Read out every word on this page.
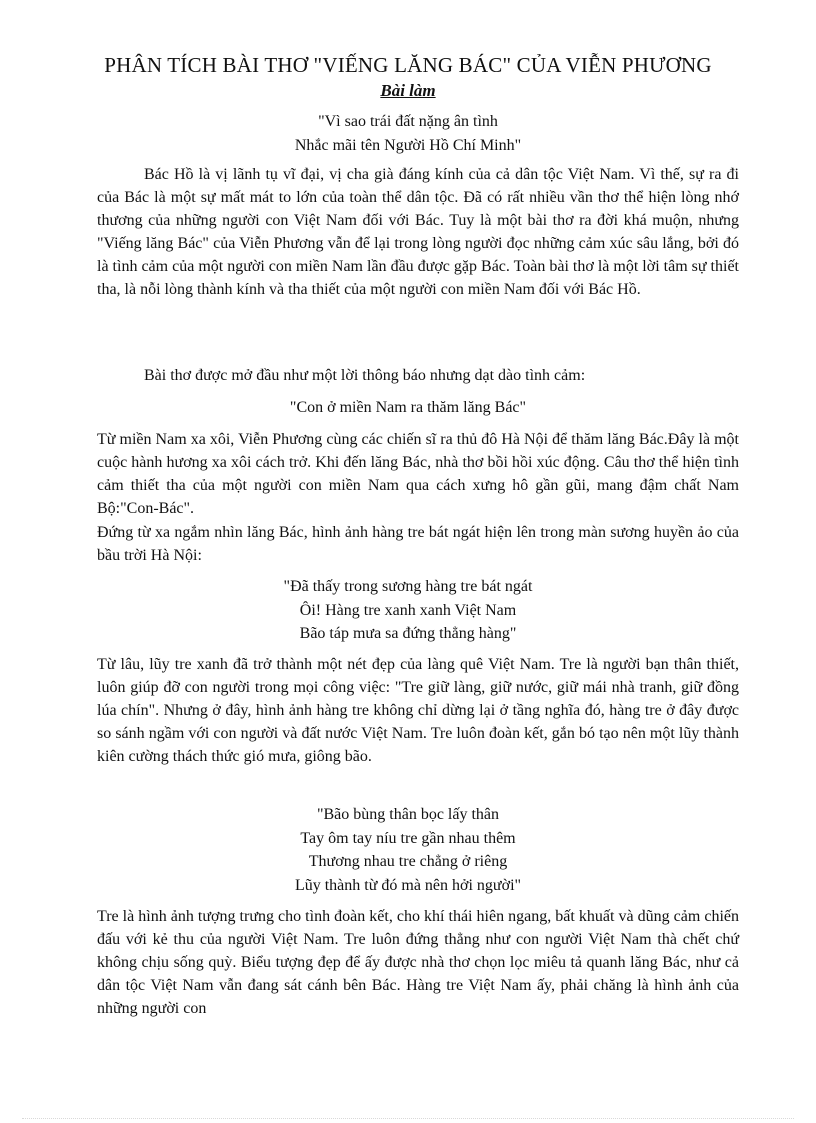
PHÂN TÍCH BÀI THƠ "VIẾNG LĂNG BÁC" CỦA VIỄN PHƯƠNG
Bài làm
"Vì sao trái đất nặng ân tình
Nhắc mãi tên Người Hồ Chí Minh"

Bác Hồ là vị lãnh tụ vĩ đại, vị cha già đáng kính của cả dân tộc Việt Nam. Vì thế, sự ra đi của Bác là một sự mất mát to lớn của toàn thể dân tộc. Đã có rất nhiều vần thơ thể hiện lòng nhớ thương của những người con Việt Nam đối với Bác. Tuy là một bài thơ ra đời khá muộn, nhưng "Viếng lăng Bác" của Viễn Phương vẫn để lại trong lòng người đọc những cảm xúc sâu lắng, bởi đó là tình cảm của một người con miền Nam lần đầu được gặp Bác. Toàn bài thơ là một lời tâm sự thiết tha, là nỗi lòng thành kính và tha thiết của một người con miền Nam đối với Bác Hồ.

Bài thơ được mở đầu như một lời thông báo nhưng dạt dào tình cảm:

"Con ở miền Nam ra thăm lăng Bác"

Từ miền Nam xa xôi, Viễn Phương cùng các chiến sĩ ra thủ đô Hà Nội để thăm lăng Bác.Đây là một cuộc hành hương xa xôi cách trở. Khi đến lăng Bác, nhà thơ bồi hồi xúc động. Câu thơ thể hiện tình cảm thiết tha của một người con miền Nam qua cách xưng hô gần gũi, mang đậm chất Nam Bộ:"Con-Bác".

Đứng từ xa ngắm nhìn lăng Bác, hình ảnh hàng tre bát ngát hiện lên trong màn sương huyền ảo của bầu trời Hà Nội:

"Đã thấy trong sương hàng tre bát ngát
Ôi! Hàng tre xanh xanh Việt Nam
Bão táp mưa sa đứng thẳng hàng"

Từ lâu, lũy tre xanh đã trở thành một nét đẹp của làng quê Việt Nam. Tre là người bạn thân thiết, luôn giúp đỡ con người trong mọi công việc: "Tre giữ làng, giữ nước, giữ mái nhà tranh, giữ đồng lúa chín". Nhưng ở đây, hình ảnh hàng tre không chỉ dừng lại ở tầng nghĩa đó, hàng tre ở đây được so sánh ngầm với con người và đất nước Việt Nam. Tre luôn đoàn kết, gắn bó tạo nên một lũy thành kiên cường thách thức gió mưa, giông bão.

"Bão bùng thân bọc lấy thân
Tay ôm tay níu tre gần nhau thêm
Thương nhau tre chẳng ở riêng
Lũy thành từ đó mà nên hởi người"

Tre là hình ảnh tượng trưng cho tình đoàn kết, cho khí thái hiên ngang, bất khuất và dũng cảm chiến đấu với kẻ thu của người Việt Nam. Tre luôn đứng thẳng như con người Việt Nam thà chết chứ không chịu sống quỳ. Biểu tượng đẹp để ấy được nhà thơ chọn lọc miêu tả quanh lăng Bác, như cả dân tộc Việt Nam vẫn đang sát cánh bên Bác. Hàng tre Việt Nam ấy, phải chăng là hình ảnh của những người con
